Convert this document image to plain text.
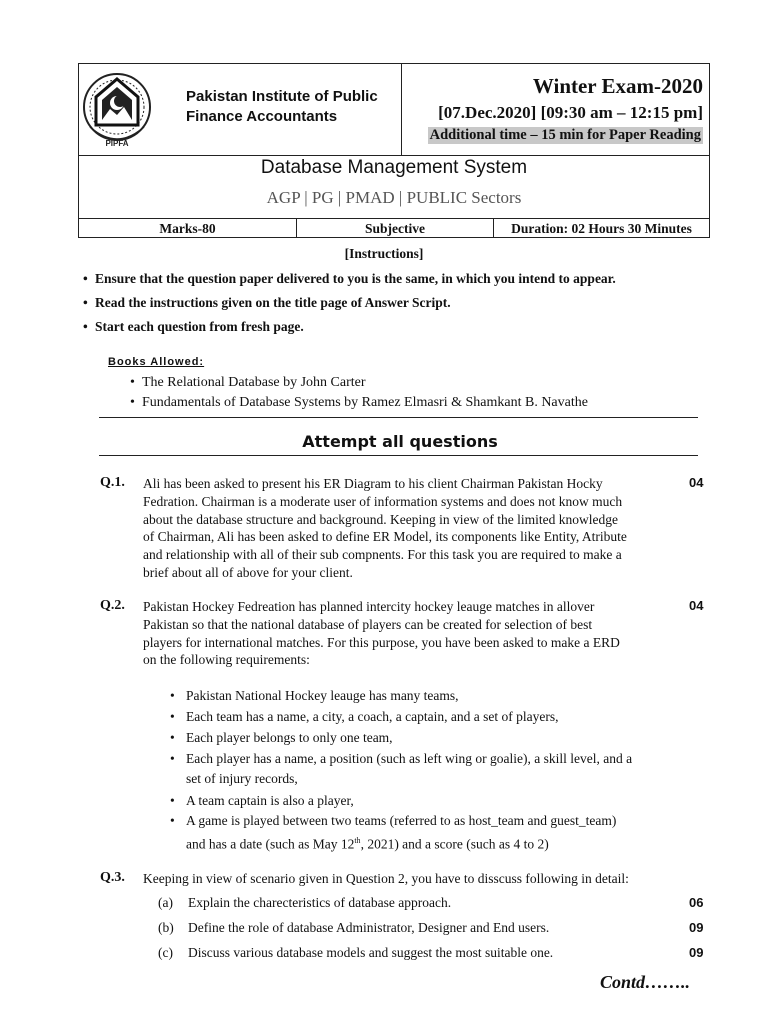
PIPFA
Pakistan Institute of Public
Finance Accountants
Winter Exam-2020
[07.Dec.2020] [09:30 am – 12:15 pm]
Additional time – 15 min for Paper Reading
Database Management System
AGP | PG | PMAD | PUBLIC Sectors
Marks-80	Subjective	Duration: 02 Hours 30 Minutes
[Instructions]
• Ensure that the question paper delivered to you is the same, in which you intend to appear.
• Read the instructions given on the title page of Answer Script.
• Start each question from fresh page.
Books Allowed:
• The Relational Database by John Carter
• Fundamentals of Database Systems by Ramez Elmasri & Shamkant B. Navathe
Attempt all questions
Q.1.	04
Ali has been asked to present his ER Diagram to his client Chairman Pakistan Hocky
Fedration. Chairman is a moderate user of information systems and does not know much
about the database structure and background. Keeping in view of the limited knowledge
of Chairman, Ali has been asked to define ER Model, its components like Entity, Atribute
and relationship with all of their sub compnents. For this task you are required to make a
brief about all of above for your client.
Q.2.	04
Pakistan Hockey Fedreation has planned intercity hockey leauge matches in allover
Pakistan so that the national database of players can be created for selection of best
players for international matches. For this purpose, you have been asked to make a ERD
on the following requirements:
• Pakistan National Hockey leauge has many teams,
• Each team has a name, a city, a coach, a captain, and a set of players,
• Each player belongs to only one team,
• Each player has a name, a position (such as left wing or goalie), a skill level, and a
set of injury records,
• A team captain is also a player,
• A game is played between two teams (referred to as host_team and guest_team)
and has a date (such as May 12th, 2021) and a score (such as 4 to 2)
Q.3. Keeping in view of scenario given in Question 2, you have to disscuss following in detail:
(a) Explain the charecteristics of database approach.	06
(b) Define the role of database Administrator, Designer and End users.	09
(c) Discuss various database models and suggest the most suitable one.	09
Contd……..
